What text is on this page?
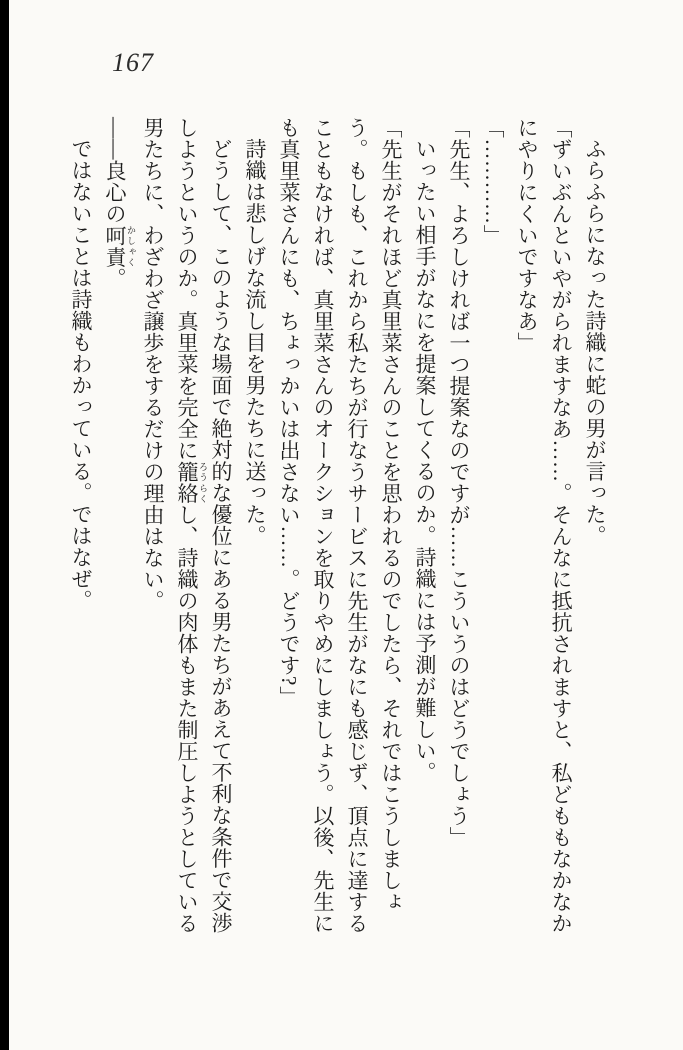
167

ふらふらになった詩織に蛇の男が言った。

「ずいぶんといやがられますなあ……。そんなに抵抗されますと、私どももなかなかにやりにくいですなあ」

「…………」

「先生、よろしければ一つ提案なのですが……こういうのはどうでしょう」

いったい相手がなにを提案してくるのか。詩織には予測が難しい。

「先生がそれほど真里菜さんのことを思われるのでしたら、それではこうしましょう。もしも、これから私たちが行なうサービスに先生がなにも感じず、頂点に達することもなければ、真里菜さんのオークションを取りやめにしましょう。以後、先生にも真里菜さんにも、ちょっかいは出さない……。どうです?」

詩織は悲しげな流し目を男たちに送った。

どうして、このような場面で絶対的な優位にある男たちがあえて不利な条件で交渉しようというのか。真里菜を完全に籠絡 ろうらくし、詩織の肉体もまた制圧しようとしている男たちに、わざわざ譲歩をするだけの理由はない。

――良心の呵責 かしゃく。

ではないことは詩織もわかっている。ではなぜ。
